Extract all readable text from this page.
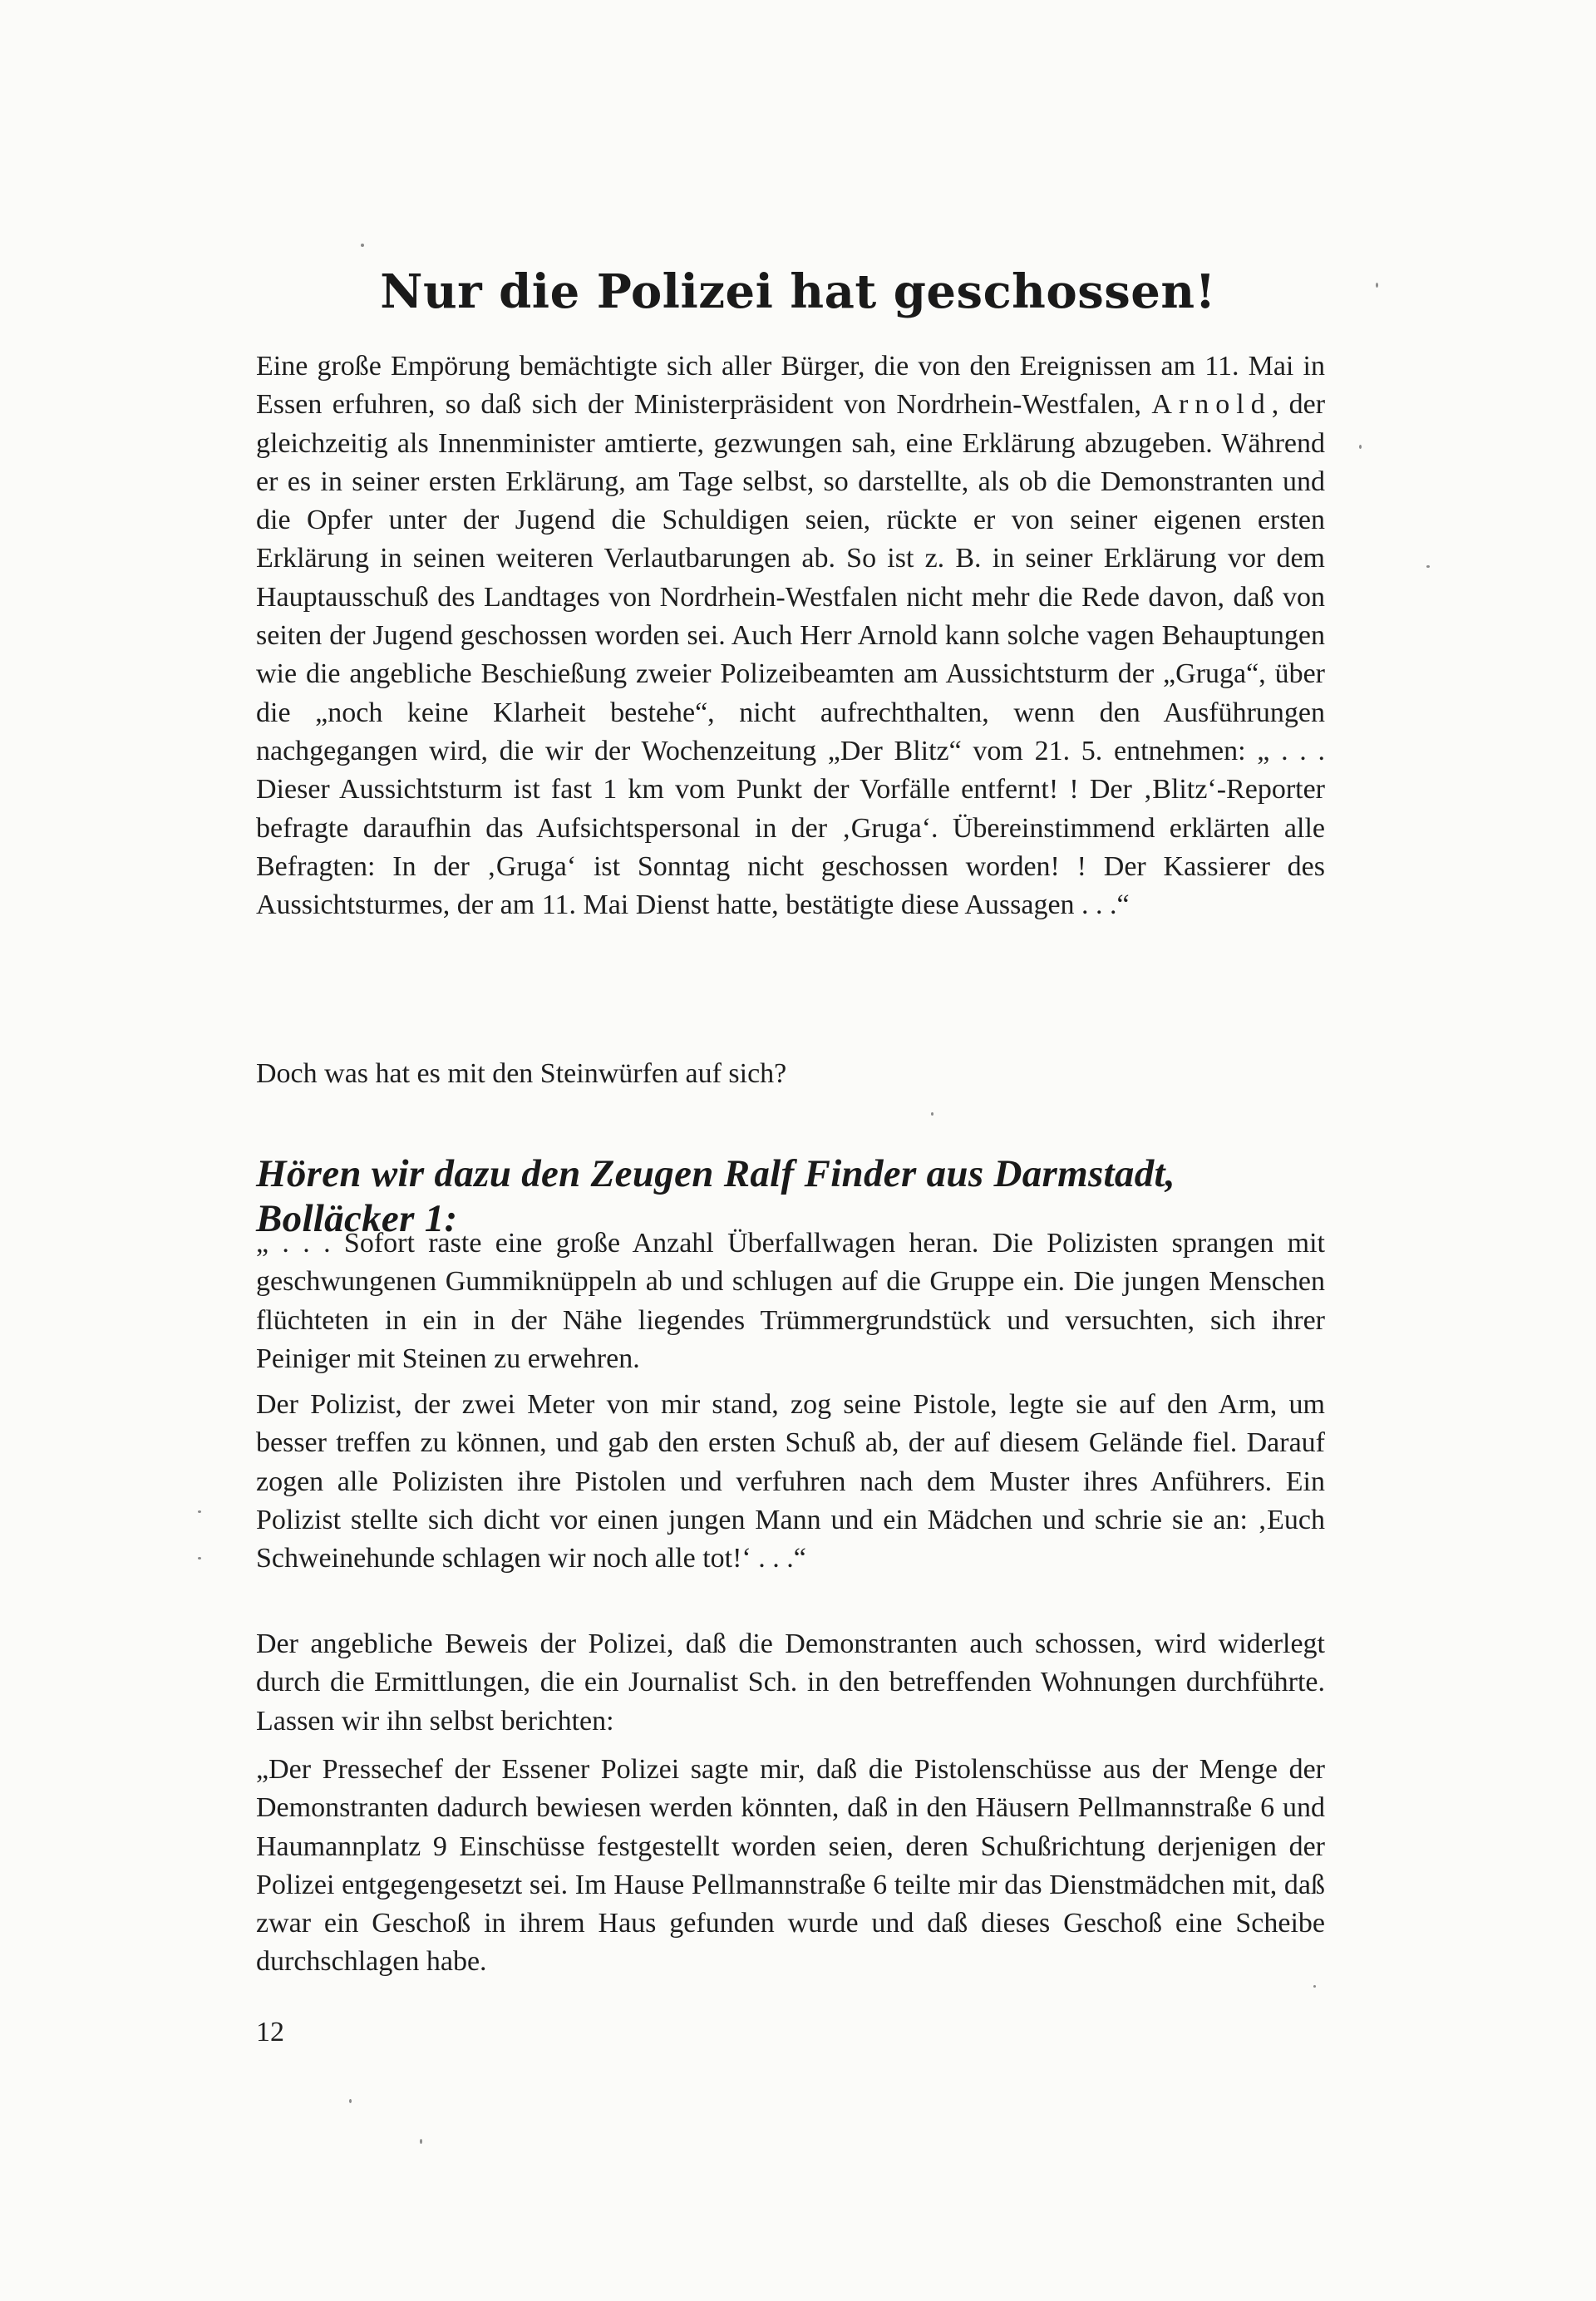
Nur die Polizei hat geschossen!

Eine große Empörung bemächtigte sich aller Bürger, die von den Ereignissen am 11. Mai in Essen erfuhren, so daß sich der Ministerpräsident von Nordrhein-Westfalen, Arnold, der gleichzeitig als Innenminister amtierte, gezwungen sah, eine Erklärung abzugeben. Während er es in seiner ersten Erklärung, am Tage selbst, so darstellte, als ob die Demonstranten und die Opfer unter der Jugend die Schuldigen seien, rückte er von seiner eigenen ersten Erklärung in seinen weiteren Verlautbarungen ab. So ist z. B. in seiner Erklärung vor dem Hauptausschuß des Landtages von Nordrhein-Westfalen nicht mehr die Rede davon, daß von seiten der Jugend geschossen worden sei. Auch Herr Arnold kann solche vagen Behauptungen wie die angebliche Beschießung zweier Polizeibeamten am Aussichtsturm der „Gruga“, über die „noch keine Klarheit bestehe“, nicht aufrechthalten, wenn den Ausführungen nachgegangen wird, die wir der Wochenzeitung „Der Blitz“ vom 21. 5. entnehmen: „ . . . Dieser Aussichtsturm ist fast 1 km vom Punkt der Vorfälle entfernt! ! Der ‚Blitz‘-Reporter befragte daraufhin das Aufsichtspersonal in der ‚Gruga‘. Übereinstimmend erklärten alle Befragten: In der ‚Gruga‘ ist Sonntag nicht geschossen worden! ! Der Kassierer des Aussichtsturmes, der am 11. Mai Dienst hatte, bestätigte diese Aussagen . . .“

Doch was hat es mit den Steinwürfen auf sich?

Hören wir dazu den Zeugen Ralf Finder aus Darmstadt, Bolläcker 1:

„ . . . Sofort raste eine große Anzahl Überfallwagen heran. Die Polizisten sprangen mit geschwungenen Gummiknüppeln ab und schlugen auf die Gruppe ein. Die jungen Menschen flüchteten in ein in der Nähe liegendes Trümmergrundstück und versuchten, sich ihrer Peiniger mit Steinen zu erwehren.

Der Polizist, der zwei Meter von mir stand, zog seine Pistole, legte sie auf den Arm, um besser treffen zu können, und gab den ersten Schuß ab, der auf diesem Gelände fiel. Darauf zogen alle Polizisten ihre Pistolen und verfuhren nach dem Muster ihres Anführers. Ein Polizist stellte sich dicht vor einen jungen Mann und ein Mädchen und schrie sie an: ‚Euch Schweinehunde schlagen wir noch alle tot!‘ . . .“

Der angebliche Beweis der Polizei, daß die Demonstranten auch schossen, wird widerlegt durch die Ermittlungen, die ein Journalist Sch. in den betreffenden Wohnungen durchführte. Lassen wir ihn selbst berichten:

„Der Pressechef der Essener Polizei sagte mir, daß die Pistolenschüsse aus der Menge der Demonstranten dadurch bewiesen werden könnten, daß in den Häusern Pellmannstraße 6 und Haumannplatz 9 Einschüsse festgestellt worden seien, deren Schußrichtung derjenigen der Polizei entgegengesetzt sei. Im Hause Pellmannstraße 6 teilte mir das Dienstmädchen mit, daß zwar ein Geschoß in ihrem Haus gefunden wurde und daß dieses Geschoß eine Scheibe durchschlagen habe.

12
